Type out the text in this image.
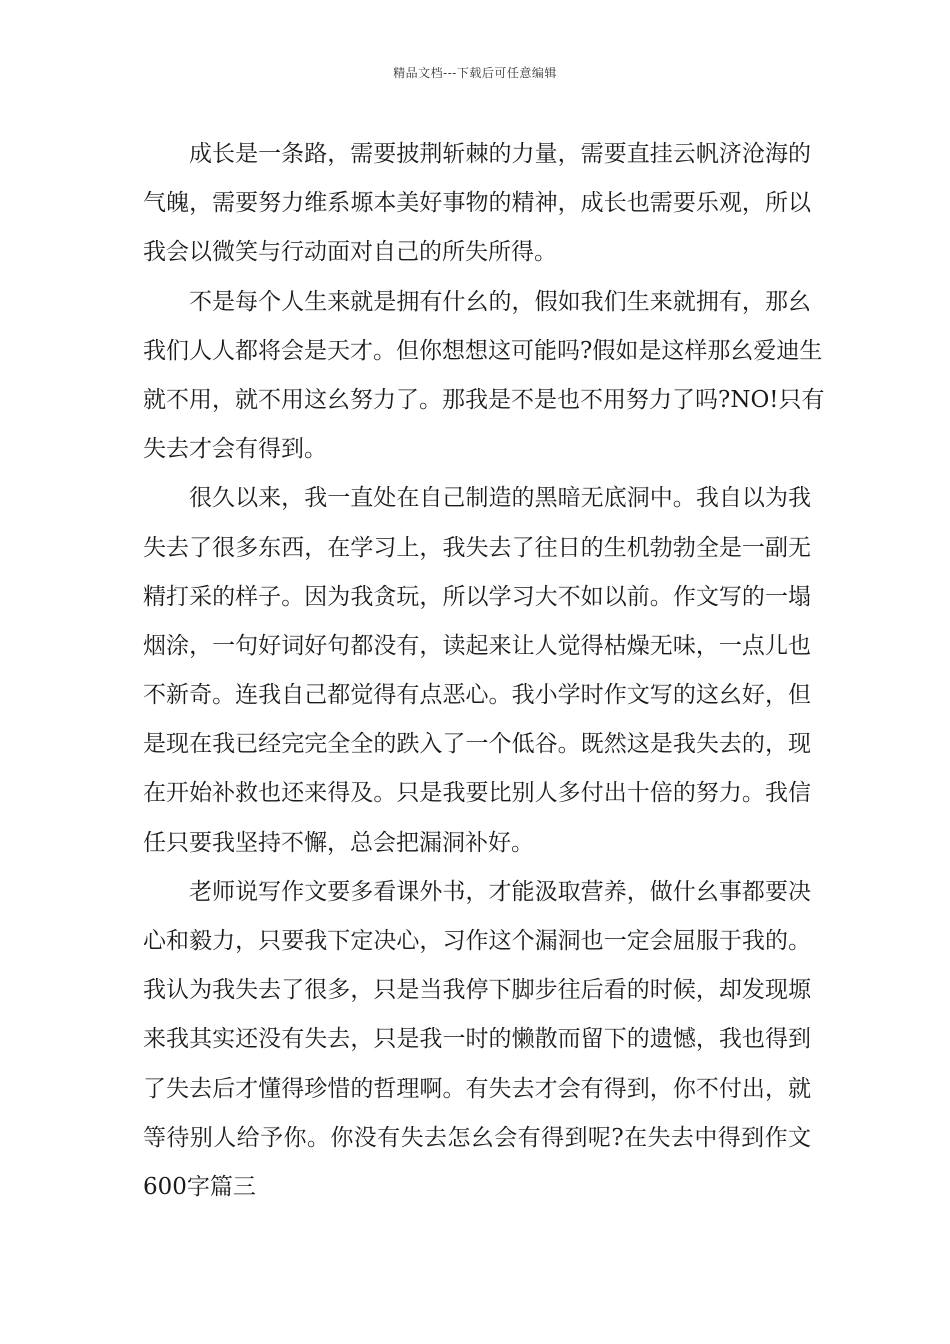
精品文档---下载后可任意编辑
成长是一条路，需要披荆斩棘的力量，需要直挂云帆济沧海的
气魄，需要努力维系塬本美好事物的精神，成长也需要乐观，所以
我会以微笑与行动面对自己的所失所得。
不是每个人生来就是拥有什幺的，假如我们生来就拥有，那幺
我们人人都将会是天才。但你想想这可能吗?假如是这样那幺爱迪生
就不用，就不用这幺努力了。那我是不是也不用努力了吗?NO!只有
失去才会有得到。
很久以来，我一直处在自己制造的黑暗无底洞中。我自以为我
失去了很多东西，在学习上，我失去了往日的生机勃勃全是一副无
精打采的样子。因为我贪玩，所以学习大不如以前。作文写的一塌
烟涂，一句好词好句都没有，读起来让人觉得枯燥无味，一点儿也
不新奇。连我自己都觉得有点恶心。我小学时作文写的这幺好，但
是现在我已经完完全全的跌入了一个低谷。既然这是我失去的，现
在开始补救也还来得及。只是我要比别人多付出十倍的努力。我信
任只要我坚持不懈，总会把漏洞补好。
老师说写作文要多看课外书，才能汲取营养，做什幺事都要决
心和毅力，只要我下定决心，习作这个漏洞也一定会屈服于我的。
我认为我失去了很多，只是当我停下脚步往后看的时候，却发现塬
来我其实还没有失去，只是我一时的懒散而留下的遗憾，我也得到
了失去后才懂得珍惜的哲理啊。有失去才会有得到，你不付出，就
等待别人给予你。你没有失去怎幺会有得到呢?在失去中得到作文
600字篇三
